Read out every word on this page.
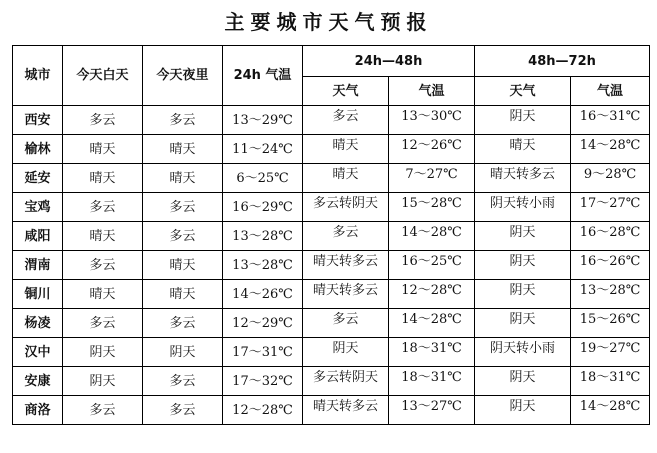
主要城市天气预报
城市	今天白天	今天夜里	24h 气温	24h—48h		48h—72h	
				天气	气温	天气	气温
西安	多云	多云	13～29℃	多云	13～30℃	阴天	16～31℃
榆林	晴天	晴天	11～24℃	晴天	12～26℃	晴天	14～28℃
延安	晴天	晴天	6～25℃	晴天	7～27℃	晴天转多云	9～28℃
宝鸡	多云	多云	16～29℃	多云转阴天	15～28℃	阴天转小雨	17～27℃
咸阳	晴天	多云	13～28℃	多云	14～28℃	阴天	16～28℃
渭南	多云	晴天	13～28℃	晴天转多云	16～25℃	阴天	16～26℃
铜川	晴天	晴天	14～26℃	晴天转多云	12～28℃	阴天	13～28℃
杨凌	多云	多云	12～29℃	多云	14～28℃	阴天	15～26℃
汉中	阴天	阴天	17～31℃	阴天	18～31℃	阴天转小雨	19～27℃
安康	阴天	多云	17～32℃	多云转阴天	18～31℃	阴天	18～31℃
商洛	多云	多云	12～28℃	晴天转多云	13～27℃	阴天	14～28℃
